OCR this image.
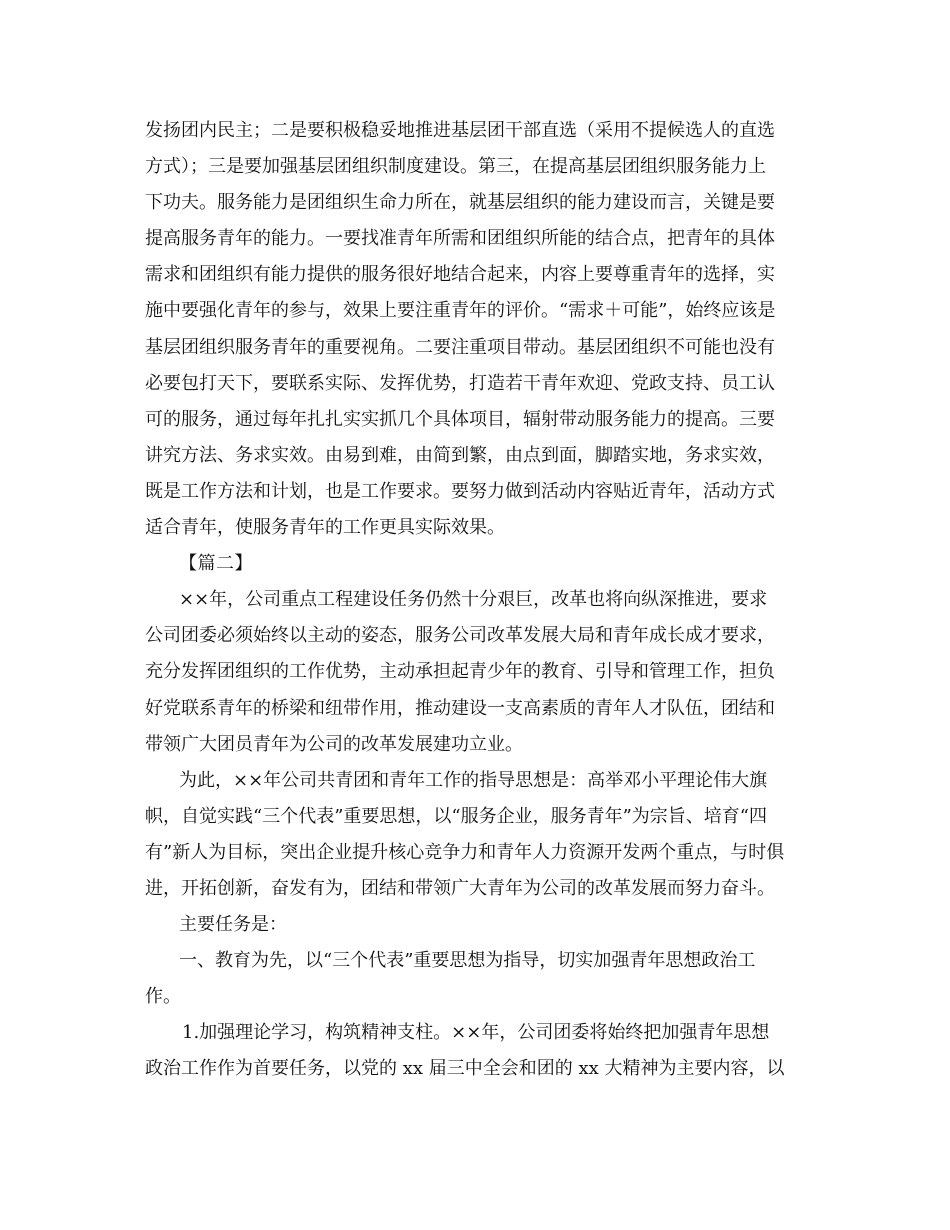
发扬团内民主；二是要积极稳妥地推进基层团干部直选（采用不提候选人的直选
方式）；三是要加强基层团组织制度建设。第三，在提高基层团组织服务能力上
下功夫。服务能力是团组织生命力所在，就基层组织的能力建设而言，关键是要
提高服务青年的能力。一要找准青年所需和团组织所能的结合点，把青年的具体
需求和团组织有能力提供的服务很好地结合起来，内容上要尊重青年的选择，实
施中要强化青年的参与，效果上要注重青年的评价。“需求＋可能”，始终应该是
基层团组织服务青年的重要视角。二要注重项目带动。基层团组织不可能也没有
必要包打天下，要联系实际、发挥优势，打造若干青年欢迎、党政支持、员工认
可的服务，通过每年扎扎实实抓几个具体项目，辐射带动服务能力的提高。三要
讲究方法、务求实效。由易到难，由简到繁，由点到面，脚踏实地，务求实效，
既是工作方法和计划，也是工作要求。要努力做到活动内容贴近青年，活动方式
适合青年，使服务青年的工作更具实际效果。
【篇二】
××年，公司重点工程建设任务仍然十分艰巨，改革也将向纵深推进，要求
公司团委必须始终以主动的姿态，服务公司改革发展大局和青年成长成才要求，
充分发挥团组织的工作优势，主动承担起青少年的教育、引导和管理工作，担负
好党联系青年的桥梁和纽带作用，推动建设一支高素质的青年人才队伍，团结和
带领广大团员青年为公司的改革发展建功立业。
为此，××年公司共青团和青年工作的指导思想是：高举邓小平理论伟大旗
帜，自觉实践“三个代表”重要思想，以“服务企业，服务青年”为宗旨、培育“四
有”新人为目标，突出企业提升核心竞争力和青年人力资源开发两个重点，与时俱
进，开拓创新，奋发有为，团结和带领广大青年为公司的改革发展而努力奋斗。
主要任务是：
一、教育为先，以“三个代表”重要思想为指导，切实加强青年思想政治工
作。
1.加强理论学习，构筑精神支柱。××年，公司团委将始终把加强青年思想
政治工作作为首要任务，以党的 xx 届三中全会和团的 xx 大精神为主要内容，以
